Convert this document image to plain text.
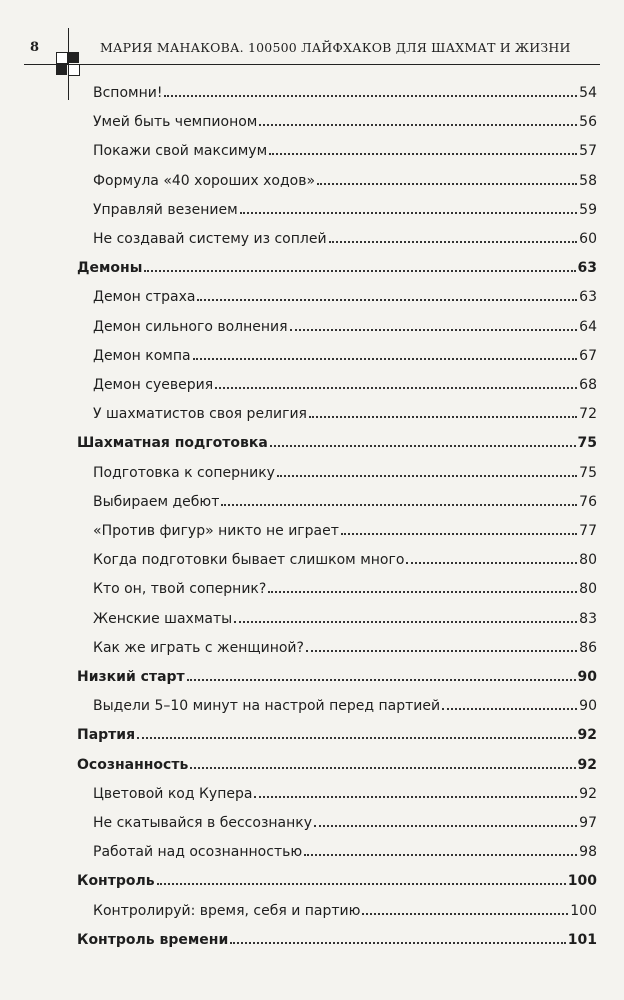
8	МАРИЯ МАНАКОВА. 100500 ЛАЙФХАКОВ ДЛЯ ШАХМАТ И ЖИЗНИ
Вспомни!	54
Умей быть чемпионом	56
Покажи свой максимум	57
Формула «40 хороших ходов»	58
Управляй везением	59
Не создавай систему из соплей	60
Демоны	63
Демон страха	63
Демон сильного волнения	64
Демон компа	67
Демон суеверия	68
У шахматистов своя религия	72
Шахматная подготовка	75
Подготовка к сопернику	75
Выбираем дебют	76
«Против фигур» никто не играет	77
Когда подготовки бывает слишком много	80
Кто он, твой соперник?	80
Женские шахматы	83
Как же играть с женщиной?	86
Низкий старт	90
Выдели 5–10 минут на настрой перед партией	90
Партия	92
Осознанность	92
Цветовой код Купера	92
Не скатывайся в бессознанку	97
Работай над осознанностью	98
Контроль	100
Контролируй: время, себя и партию	100
Контроль времени	101
